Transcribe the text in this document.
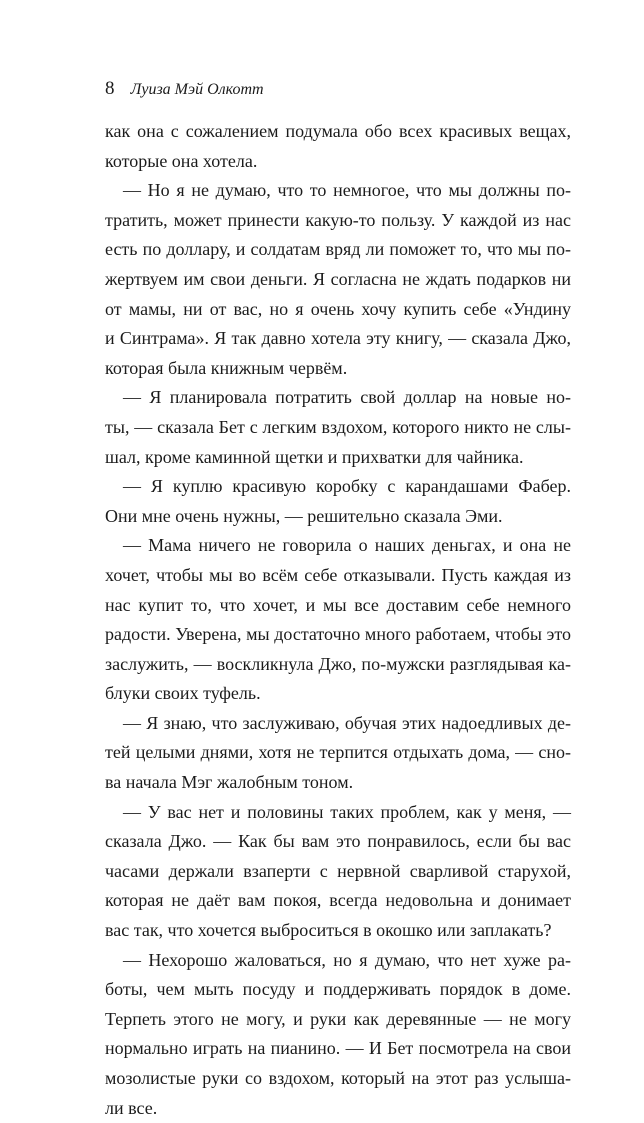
8 Луиза Мэй Олкотт
как она с сожалением подумала обо всех красивых вещах,
которые она хотела.
— Но я не думаю, что то немногое, что мы должны по-
тратить, может принести какую-то пользу. У каждой из нас
есть по доллару, и солдатам вряд ли поможет то, что мы по-
жертвуем им свои деньги. Я согласна не ждать подарков ни
от мамы, ни от вас, но я очень хочу купить себе «Ундину
и Синтрама». Я так давно хотела эту книгу, — сказала Джо,
которая была книжным червём.
— Я планировала потратить свой доллар на новые но-
ты, — сказала Бет с легким вздохом, которого никто не слы-
шал, кроме каминной щетки и прихватки для чайника.
— Я куплю красивую коробку с карандашами Фабер.
Они мне очень нужны, — решительно сказала Эми.
— Мама ничего не говорила о наших деньгах, и она не
хочет, чтобы мы во всём себе отказывали. Пусть каждая из
нас купит то, что хочет, и мы все доставим себе немного
радости. Уверена, мы достаточно много работаем, чтобы это
заслужить, — воскликнула Джо, по-мужски разглядывая ка-
блуки своих туфель.
— Я знаю, что заслуживаю, обучая этих надоедливых де-
тей целыми днями, хотя не терпится отдыхать дома, — сно-
ва начала Мэг жалобным тоном.
— У вас нет и половины таких проблем, как у меня, —
сказала Джо. — Как бы вам это понравилось, если бы вас
часами держали взаперти с нервной сварливой старухой,
которая не даёт вам покоя, всегда недовольна и донимает
вас так, что хочется выброситься в окошко или заплакать?
— Нехорошо жаловаться, но я думаю, что нет хуже ра-
боты, чем мыть посуду и поддерживать порядок в доме.
Терпеть этого не могу, и руки как деревянные — не могу
нормально играть на пианино. — И Бет посмотрела на свои
мозолистые руки со вздохом, который на этот раз услыша-
ли все.
